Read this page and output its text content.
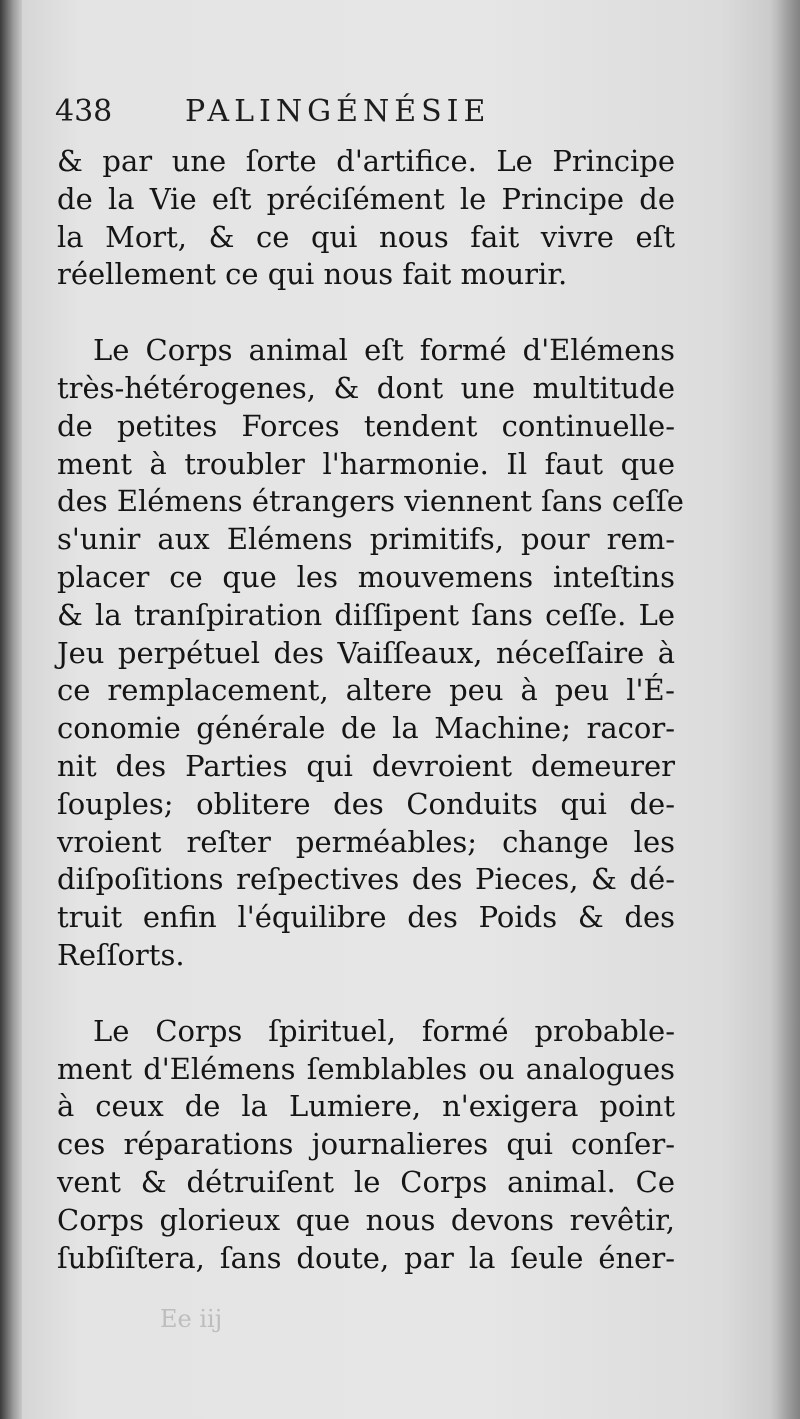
438 PALINGÉNÉSIE
& par une ſorte d'artifice. Le Principe
de la Vie eſt préciſément le Principe de
la Mort, & ce qui nous fait vivre eſt
réellement ce qui nous fait mourir.
Le Corps animal eſt formé d'Elémens
très-hétérogenes, & dont une multitude
de petites Forces tendent continuelle-
ment à troubler l'harmonie. Il faut que
des Elémens étrangers viennent ſans ceſſe
s'unir aux Elémens primitifs, pour rem-
placer ce que les mouvemens inteſtins
& la tranſpiration diſſipent ſans ceſſe. Le
Jeu perpétuel des Vaiſſeaux, néceſſaire à
ce remplacement, altere peu à peu l'É-
conomie générale de la Machine; racor-
nit des Parties qui devroient demeurer
ſouples; oblitere des Conduits qui de-
vroient reſter perméables; change les
diſpoſitions reſpectives des Pieces, & dé-
truit enfin l'équilibre des Poids & des
Reſſorts.
Le Corps ſpirituel, formé probable-
ment d'Elémens ſemblables ou analogues
à ceux de la Lumiere, n'exigera point
ces réparations journalieres qui conſer-
vent & détruiſent le Corps animal. Ce
Corps glorieux que nous devons revêtir,
ſubſiſtera, ſans doute, par la ſeule éner-
Ee iij
